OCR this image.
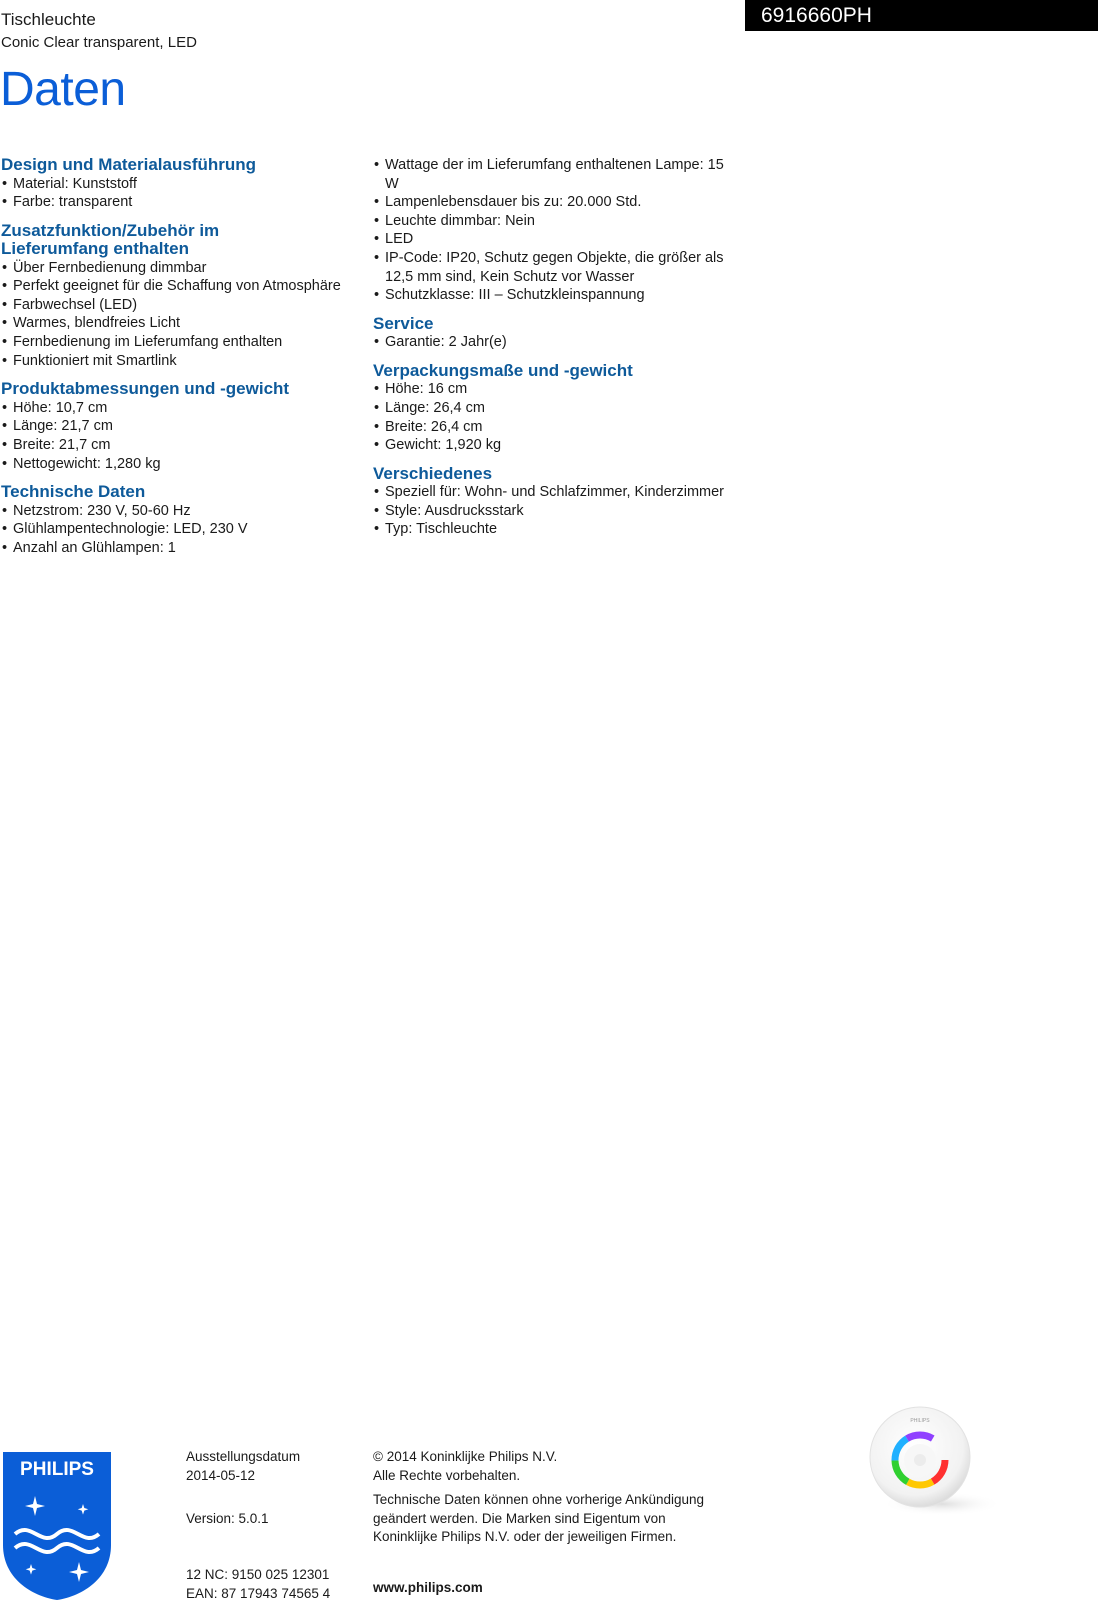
Tischleuchte
Conic Clear transparent, LED
Daten
6916660PH
Design und Materialausführung
• Material: Kunststoff
• Farbe: transparent
Zusatzfunktion/Zubehör im Lieferumfang enthalten
• Über Fernbedienung dimmbar
• Perfekt geeignet für die Schaffung von Atmosphäre
• Farbwechsel (LED)
• Warmes, blendfreies Licht
• Fernbedienung im Lieferumfang enthalten
• Funktioniert mit Smartlink
Produktabmessungen und -gewicht
• Höhe: 10,7 cm
• Länge: 21,7 cm
• Breite: 21,7 cm
• Nettogewicht: 1,280 kg
Technische Daten
• Netzstrom: 230 V, 50-60 Hz
• Glühlampentechnologie: LED, 230 V
• Anzahl an Glühlampen: 1
• Wattage der im Lieferumfang enthaltenen Lampe: 15 W
• Lampenlebensdauer bis zu: 20.000 Std.
• Leuchte dimmbar: Nein
• LED
• IP-Code: IP20, Schutz gegen Objekte, die größer als 12,5 mm sind, Kein Schutz vor Wasser
• Schutzklasse: III – Schutzkleinspannung
Service
• Garantie: 2 Jahr(e)
Verpackungsmaße und -gewicht
• Höhe: 16 cm
• Länge: 26,4 cm
• Breite: 26,4 cm
• Gewicht: 1,920 kg
Verschiedenes
• Speziell für: Wohn- und Schlafzimmer, Kinderzimmer
• Style: Ausdrucksstark
• Typ: Tischleuchte
PHILIPS
PHILIPS
Ausstellungsdatum
2014-05-12
Version: 5.0.1
12 NC: 9150 025 12301
EAN: 87 17943 74565 4
© 2014 Koninklijke Philips N.V.
Alle Rechte vorbehalten.
Technische Daten können ohne vorherige Ankündigung geändert werden. Die Marken sind Eigentum von Koninklijke Philips N.V. oder der jeweiligen Firmen.
www.philips.com
